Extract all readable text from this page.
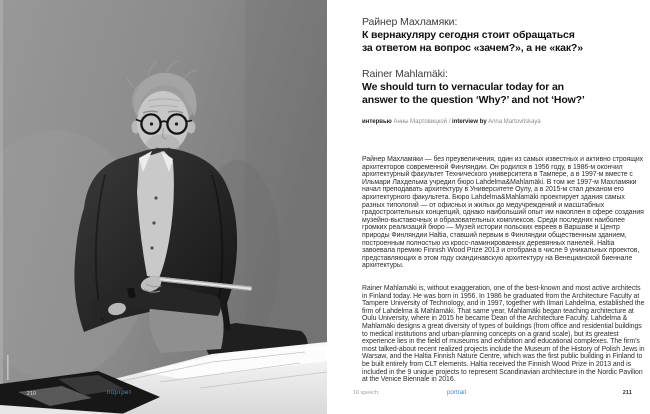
210	портрет
Райнер Махламяки:
К вернакуляру сегодня стоит обращаться
за ответом на вопрос «зачем?», а не «как?»
Rainer Mahlamäki:
We should turn to vernacular today for an
answer to the question ‘Why?’ and not ‘How?’
интервью Анны Мартовицкой / interview by Anna Martovitskaya
Райнер Махламяки — без преувеличения, один из самых известных и активно строящих архитекторов современной Финляндии. Он родился в 1956 году, в 1986-м окончил архитектурный факультет Технического университета в Тампере, а в 1997-м вместе с Ильмари Лахдельма учредил бюро Lahdelma&Mahlamäki. В том же 1997-м Махламяки начал преподавать архитектуру в Университете Оулу, а в 2015-м стал деканом его архитектурного факультета. Бюро Lahdelma&Mahlamäki проектирует здания самых разных типологий — от офисных и жилых до медучреждений и масштабных градостроительных концепций, однако наибольший опыт им накоплен в сфере создания музейно-выставочных и образовательных комплексов. Среди последних наиболее громких реализаций бюро — Музей истории польских евреев в Варшаве и Центр природы Финляндии Haltia, ставший первым в Финляндии общественным зданием, построенным полностью из кросс-ламинированных деревянных панелей. Haltia завоевала премию Finnish Wood Prize 2013 и отобрана в числе 9 уникальных проектов, представляющих в этом году скандинавскую архитектуру на Венецианской биеннале архитектуры.
Rainer Mahlamäki is, without exaggeration, one of the best-known and most active architects in Finland today. He was born in 1956. In 1986 he graduated from the Architecture Faculty at Tampere University of Technology, and in 1997, together with Ilmari Lahdelma, established the firm of Lahdelma & Mahlamäki. That same year, Mahlamäki began teaching architecture at Oulu University, where in 2015 he became Dean of the Architecture Faculty. Lahdelma & Mahlamäki designs a great diversity of types of buildings (from office and residential buildings to medical institutions and urban-planning concepts on a grand scale), but its greatest experience lies in the field of museums and exhibition and educational complexes. The firm’s most talked-about recent realized projects include the Museum of the History of Polish Jews in Warsaw, and the Haltia Finnish Nature Centre, which was the first public building in Finland to be built entirely from CLT elements. Haltia received the Finnish Wood Prize in 2013 and is included in the 9 unique projects to represent Scandinavian architecture in the Nordic Pavilion at the Venice Biennale in 2016.
16 speech:	portrait	211
